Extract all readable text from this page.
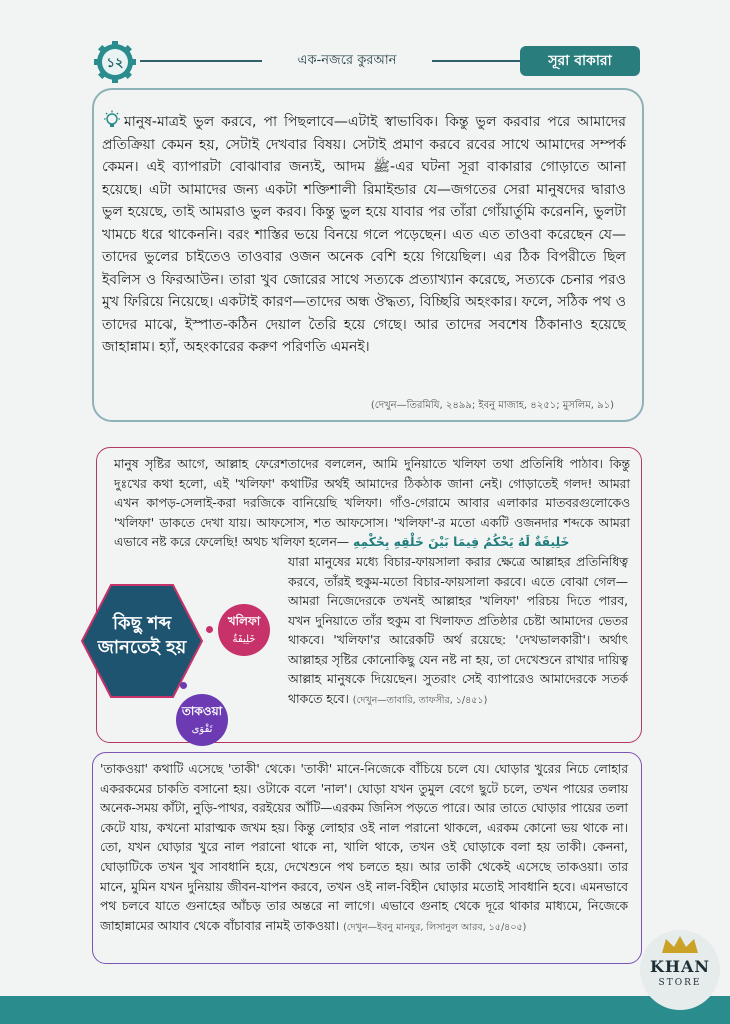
১২	এক-নজরে কুরআন	সূরা বাকারা
মানুষ-মাত্রই ভুল করবে, পা পিছলাবে—এটাই স্বাভাবিক। কিন্তু ভুল করবার পরে আমাদের প্রতিক্রিয়া কেমন হয়, সেটাই দেখবার বিষয়। সেটাই প্রমাণ করবে রবের সাথে আমাদের সম্পর্ক কেমন। এই ব্যাপারটা বোঝাবার জন্যই, আদম ﷺ-এর ঘটনা সূরা বাকারার গোড়াতে আনা হয়েছে। এটা আমাদের জন্য একটা শক্তিশালী রিমাইন্ডার যে—জগতের সেরা মানুষদের দ্বারাও ভুল হয়েছে, তাই আমরাও ভুল করব। কিন্তু ভুল হয়ে যাবার পর তাঁরা গোঁয়ার্তুমি করেননি, ভুলটা খামচে ধরে থাকেননি। বরং শাস্তির ভয়ে বিনয়ে গলে পড়েছেন। এত এত তাওবা করেছেন যে—তাদের ভুলের চাইতেও তাওবার ওজন অনেক বেশি হয়ে গিয়েছিল। এর ঠিক বিপরীতে ছিল ইবলিস ও ফিরআউন। তারা খুব জোরের সাথে সত্যকে প্রত্যাখ্যান করেছে, সত্যকে চেনার পরও মুখ ফিরিয়ে নিয়েছে। একটাই কারণ—তাদের অন্ধ ঔদ্ধত্য, বিচ্ছিরি অহংকার। ফলে, সঠিক পথ ও তাদের মাঝে, ইস্পাত-কঠিন দেয়াল তৈরি হয়ে গেছে। আর তাদের সবশেষ ঠিকানাও হয়েছে জাহান্নাম। হ্যাঁ, অহংকারের করুণ পরিণতি এমনই।
(দেখুন—তিরমিযি, ২৪৯৯; ইবনু মাজাহ, ৪২৫১; মুসলিম, ৯১)
মানুষ সৃষ্টির আগে, আল্লাহ ফেরেশতাদের বললেন, আমি দুনিয়াতে খলিফা তথা প্রতিনিধি পাঠাব। কিন্তু দুঃখের কথা হলো, এই 'খলিফা' কথাটির অর্থই আমাদের ঠিকঠাক জানা নেই। গোড়াতেই গলদ! আমরা এখন কাপড়-সেলাই-করা দরজিকে বানিয়েছি খলিফা। গাঁও-গেরামে আবার এলাকার মাতবরগুলোকেও 'খলিফা' ডাকতে দেখা যায়। আফসোস, শত আফসোস। 'খলিফা'-র মতো একটি ওজনদার শব্দকে আমরা এভাবে নষ্ট করে ফেলেছি! অথচ খলিফা হলেন— خَلِيفَةٌ لَهُ يَحْكُمُ فِيمَا بَيْنَ خَلْقِهِ بِحُكْمِهِ
যারা মানুষের মধ্যে বিচার-ফায়সালা করার ক্ষেত্রে আল্লাহর প্রতিনিধিত্ব করবে, তাঁরই হুকুম-মতো বিচার-ফায়সালা করবে। এতে বোঝা গেল—আমরা নিজেদেরকে তখনই আল্লাহর 'খলিফা' পরিচয় দিতে পারব, যখন দুনিয়াতে তাঁর হুকুম বা খিলাফত প্রতিষ্ঠার চেষ্টা আমাদের ভেতর থাকবে। 'খলিফা'র আরেকটি অর্থ রয়েছে: 'দেখভালকারী'। অর্থাৎ আল্লাহর সৃষ্টির কোনোকিছু যেন নষ্ট না হয়, তা দেখেশুনে রাখার দায়িত্ব আল্লাহ মানুষকে দিয়েছেন। সুতরাং সেই ব্যাপারেও আমাদেরকে সতর্ক থাকতে হবে। (দেখুন—তাবারি, তাফসীর, ১/৪৫১)
কিছু শব্দ
জানতেই হয়
খলিফা
خَلِيفَةٌ
তাকওয়া
تَقْوَى
'তাকওয়া' কথাটি এসেছে 'তাকী' থেকে। 'তাকী' মানে-নিজেকে বাঁচিয়ে চলে যে। ঘোড়ার খুরের নিচে লোহার একরকমের চাকতি বসানো হয়। ওটাকে বলে 'নাল'। ঘোড়া যখন তুমুল বেগে ছুটে চলে, তখন পায়ের তলায় অনেক-সময় কাঁটা, নুড়ি-পাথর, বরইয়ের আঁটি—এরকম জিনিস পড়তে পারে। আর তাতে ঘোড়ার পায়ের তলা কেটে যায়, কখনো মারাত্মক জখম হয়। কিন্তু লোহার ওই নাল পরানো থাকলে, এরকম কোনো ভয় থাকে না। তো, যখন ঘোড়ার খুরে নাল পরানো থাকে না, খালি থাকে, তখন ওই ঘোড়াকে বলা হয় তাকী। কেননা, ঘোড়াটিকে তখন খুব সাবধানি হয়ে, দেখেশুনে পথ চলতে হয়। আর তাকী থেকেই এসেছে তাকওয়া। তার মানে, মুমিন যখন দুনিয়ায় জীবন-যাপন করবে, তখন ওই নাল-বিহীন ঘোড়ার মতোই সাবধানি হবে। এমনভাবে পথ চলবে যাতে গুনাহের আঁচড় তার অন্তরে না লাগে। এভাবে গুনাহ থেকে দূরে থাকার মাধ্যমে, নিজেকে জাহান্নামের আযাব থেকে বাঁচাবার নামই তাকওয়া। (দেখুন—ইবনু মানযুর, লিসানুল আরব, ১৫/৪০৫)
KHAN
STORE
